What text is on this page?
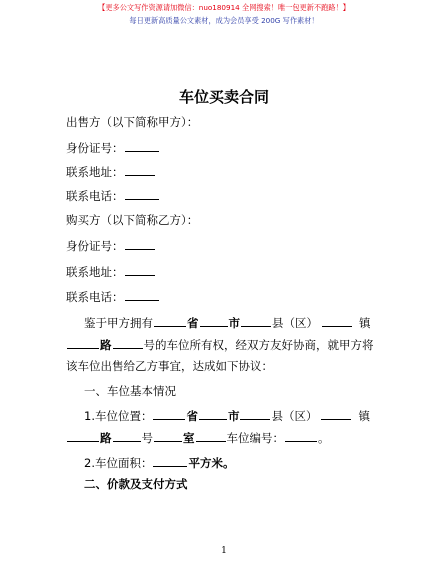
【更多公文写作资源请加微信：nuo180914 全网搜索！唯一包更新不跑路！】
每日更新高质量公文素材，成为会员享受 200G 写作素材！
车位买卖合同
出售方（以下简称甲方）：
身份证号：
联系地址：
联系电话：
购买方（以下简称乙方）：
身份证号：
联系地址：
联系电话：
鉴于甲方拥有	省	市	县（区）	镇
路	号的车位所有权，经双方友好协商，就甲方将
该车位出售给乙方事宜，达成如下协议：
一、车位基本情况
1.车位位置：	省	市	县（区）	镇
路	号	室	车位编号：	。
2.车位面积：	平方米。
二、价款及支付方式
1
